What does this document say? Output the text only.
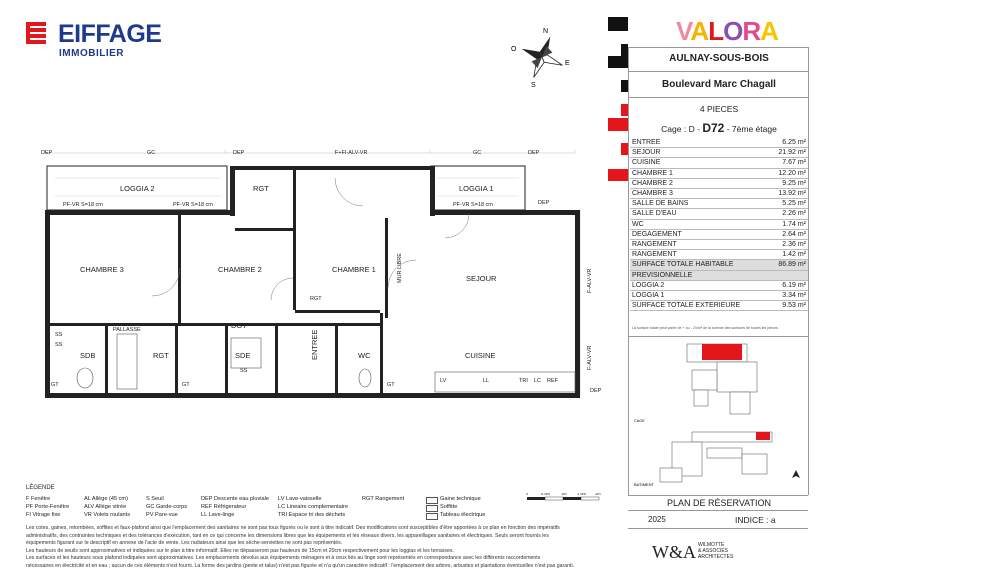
EIFFAGE
IMMOBILIER
N
S
E
O
LOGGIA 2	LOGGIA 1
RGT
CHAMBRE 3	CHAMBRE 2	CHAMBRE 1
SEJOUR
DGT
SDB	RGT	SDE	ENTREE	WC	CUISINE
RGT
MUR LIBRE
PALLASSE
DEP	GC	DEP	F+FI-ALV-VR	GC	DEP
PF-VR S=18 cm	PF-VR S=18 cm	PF-VR S=18 cm	DEP
F-ALV-VR
F-ALV-VR
DEP
SS
SS
SS
GT	GT	GT
LV	LL	TRI LC REF
VALORA
AULNAY-SOUS-BOIS
Boulevard Marc Chagall
4 PIECES
Cage : D - D72 - 7ème étage
ENTREE	6.25 m²
SEJOUR	21.92 m²
CUISINE	7.67 m²
CHAMBRE 1	12.20 m²
CHAMBRE 2	9.25 m²
CHAMBRE 3	13.92 m²
SALLE DE BAINS	5.25 m²
SALLE D'EAU	2.26 m²
WC	1.74 m²
DEGAGEMENT	2.64 m²
RANGEMENT	2.36 m²
RANGEMENT	1.42 m²
SURFACE TOTALE HABITABLE	86.89 m²
PREVISIONNELLE	
LOGGIA 2	6.19 m²
LOGGIA 1	3.34 m²
SURFACE TOTALE EXTERIEURE	9.53 m²
La surface totale peut varier de + ou - 2/4m² de la somme des surfaces de toutes les pièces.
CAGE
BATIMENT
PLAN DE RÉSERVATION
2025	INDICE : a
W&A WILMOTTE
& ASSOCIÉS
ARCHITECTES
LÉGENDE
F Fenêtre
PF Porte-Fenêtre
FI Vitrage fixe
AL Allège (45 cm)
ALV Allège vitrée
VR Volets roulants
S Seuil
GC Garde-corps
PV Pare-vue
DEP Descente eau pluviale
REF Réfrigerateur
LL Lave-linge
LV Lave-vaisselle
LC Lineaire complementaire
TRI Espace tri des déchets
RGT Rangement	Gaine technique
Soffitte
Tableau électrique
0	0.5m	1m	1.5m 2m
Les cotes, gaines, retombées, soffites et faux-plafond ainsi que l'emplacement des sanitaires ne sont pas tous figurés ou le sont à titre indicatif. Des modifications sont susceptibles d'être apportées à ce plan en fonction des impératifs
administratifs, des contraintes techniques et des tolérances d'exécution, tant en ce qui concerne les dimensions libres que les équipements et les réseaux divers, les appareillages sanitaires et électriques. Seuls seront fournis les
équipements figurant sur le descriptif en annexe de l'acte de vente. Les radiateurs ainsi que les sèche-serviettes ne sont pas représentés.
Les hauteurs de seuils sont approximatives et indiquées sur le plan à titre informatif. Elles ne dépasseront pas hauteurs de 15cm et 20cm respectivement pour les loggias et les terrasses.
Les surfaces et les hauteurs sous plafond indiquées sont approximatives. Les emplacements dévolus aux équipements ménagers et à ceux liés au linge sont représentés en correspondance avec les différents raccordements
nécessaires en électricité et en eau ; aucun de ces éléments n'est fourni. La forme des jardins (pente et talus) n'est pas figurée et n'a qu'un caractère indicatif : l'emplacement des arbres, arbustes et plantations éventuelles n'est pas garanti.
